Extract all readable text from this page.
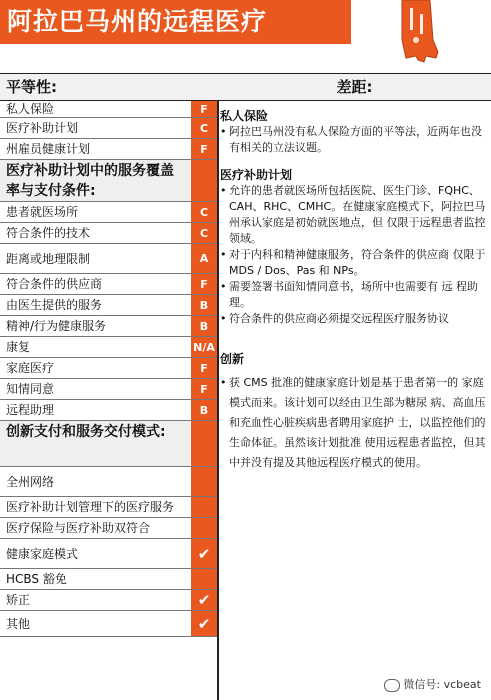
阿拉巴马州的远程医疗
平等性:	差距:
私人保险	F
医疗补助计划	C
州雇员健康计划	F
医疗补助计划中的服务覆盖率与支付条件:
患者就医场所	C
符合条件的技术	C
距离或地理限制	A
符合条件的供应商	F
由医生提供的服务	B
精神/行为健康服务	B
康复	N/A
家庭医疗	F
知情同意	F
远程助理	B
创新支付和服务交付模式:
全州网络
医疗补助计划管理下的医疗服务
医疗保险与医疗补助双符合
健康家庭模式	✔
HCBS 豁免
矫正	✔
其他	✔
私人保险
• 阿拉巴马州没有私人保险方面的平等法，近两年也没有相关的立法议题。
医疗补助计划
• 允许的患者就医场所包括医院、医生门诊、FQHC、CAH、RHC、CMHC。在健康家庭模式下，阿拉巴马州承认家庭是初始就医地点，但 仅限于远程患者监控领域。
• 对于内科和精神健康服务，符合条件的供应商 仅限于 MDS / Dos、Pas 和 NPs。
• 需要签署书面知情同意书，场所中也需要有 远 程助理。
• 符合条件的供应商必须提交远程医疗服务协议
创新
• 获 CMS 批准的健康家庭计划是基于患者第一的 家庭模式而来。该计划可以经由卫生部为糖尿 病、高血压和充血性心脏疾病患者聘用家庭护 士，以监控他们的生命体征。虽然该计划批准 使用远程患者监控，但其中并没有提及其他远程医疗模式的使用。
微信号: vcbeat
